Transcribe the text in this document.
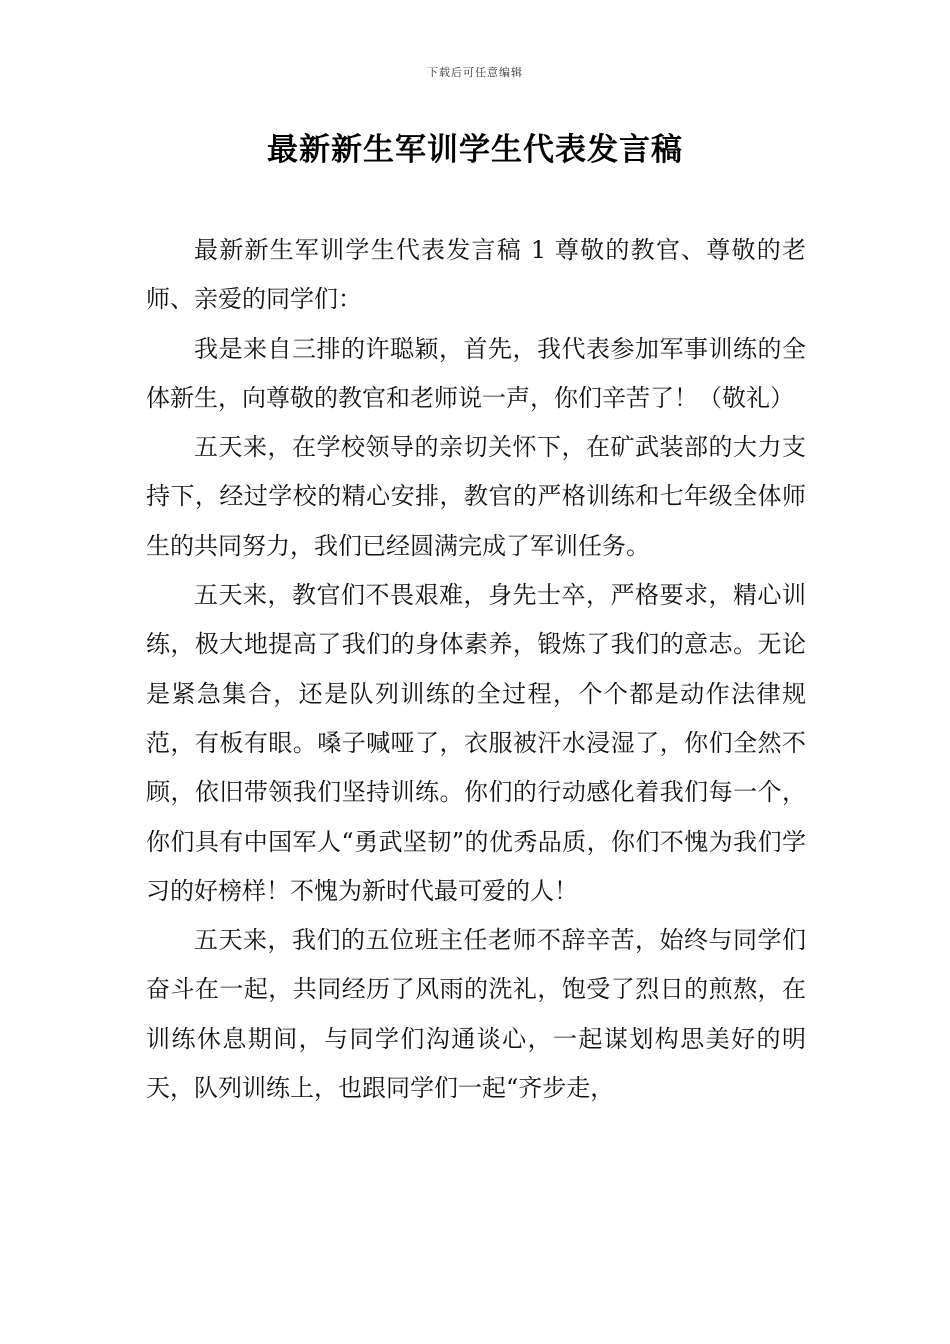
下载后可任意编辑
最新新生军训学生代表发言稿

最新新生军训学生代表发言稿 1 尊敬的教官、尊敬的老师、亲爱的同学们：

我是来自三排的许聪颖，首先，我代表参加军事训练的全体新生，向尊敬的教官和老师说一声，你们辛苦了！（敬礼）

五天来，在学校领导的亲切关怀下，在矿武装部的大力支持下，经过学校的精心安排，教官的严格训练和七年级全体师生的共同努力，我们已经圆满完成了军训任务。

五天来，教官们不畏艰难，身先士卒，严格要求，精心训练，极大地提高了我们的身体素养，锻炼了我们的意志。无论是紧急集合，还是队列训练的全过程，个个都是动作法律规范，有板有眼。嗓子喊哑了，衣服被汗水浸湿了，你们全然不顾，依旧带领我们坚持训练。你们的行动感化着我们每一个，你们具有中国军人“勇武坚韧”的优秀品质，你们不愧为我们学习的好榜样！不愧为新时代最可爱的人！

五天来，我们的五位班主任老师不辞辛苦，始终与同学们奋斗在一起，共同经历了风雨的洗礼，饱受了烈日的煎熬，在训练休息期间，与同学们沟通谈心，一起谋划构思美好的明天，队列训练上，也跟同学们一起“齐步走，
